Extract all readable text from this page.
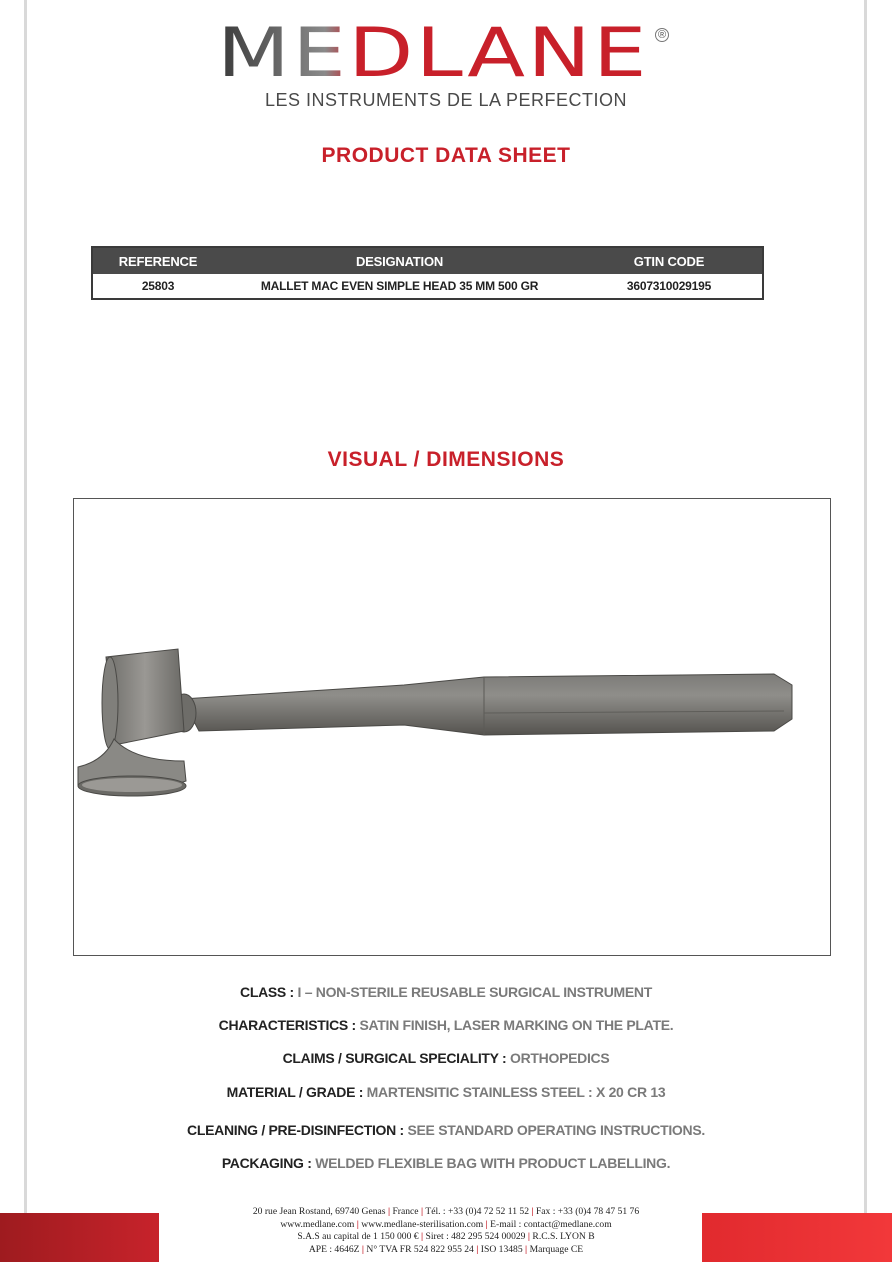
MEDLANE ®
LES INSTRUMENTS DE LA PERFECTION
PRODUCT DATA SHEET
REFERENCE	DESIGNATION	GTIN CODE
25803	MALLET MAC EVEN SIMPLE HEAD 35 MM 500 GR	3607310029195
VISUAL / DIMENSIONS
CLASS : I – NON-STERILE REUSABLE SURGICAL INSTRUMENT
CHARACTERISTICS : SATIN FINISH, LASER MARKING ON THE PLATE.
CLAIMS / SURGICAL SPECIALITY : ORTHOPEDICS
MATERIAL / GRADE : MARTENSITIC STAINLESS STEEL : X 20 CR 13
CLEANING / PRE-DISINFECTION : SEE STANDARD OPERATING INSTRUCTIONS.
PACKAGING : WELDED FLEXIBLE BAG WITH PRODUCT LABELLING.
20 rue Jean Rostand, 69740 Genas | France | Tél. : +33 (0)4 72 52 11 52 | Fax : +33 (0)4 78 47 51 76
www.medlane.com | www.medlane-sterilisation.com | E-mail : contact@medlane.com
S.A.S au capital de 1 150 000 € | Siret : 482 295 524 00029 | R.C.S. LYON B
APE : 4646Z | N° TVA FR 524 822 955 24 | ISO 13485 | Marquage CE
